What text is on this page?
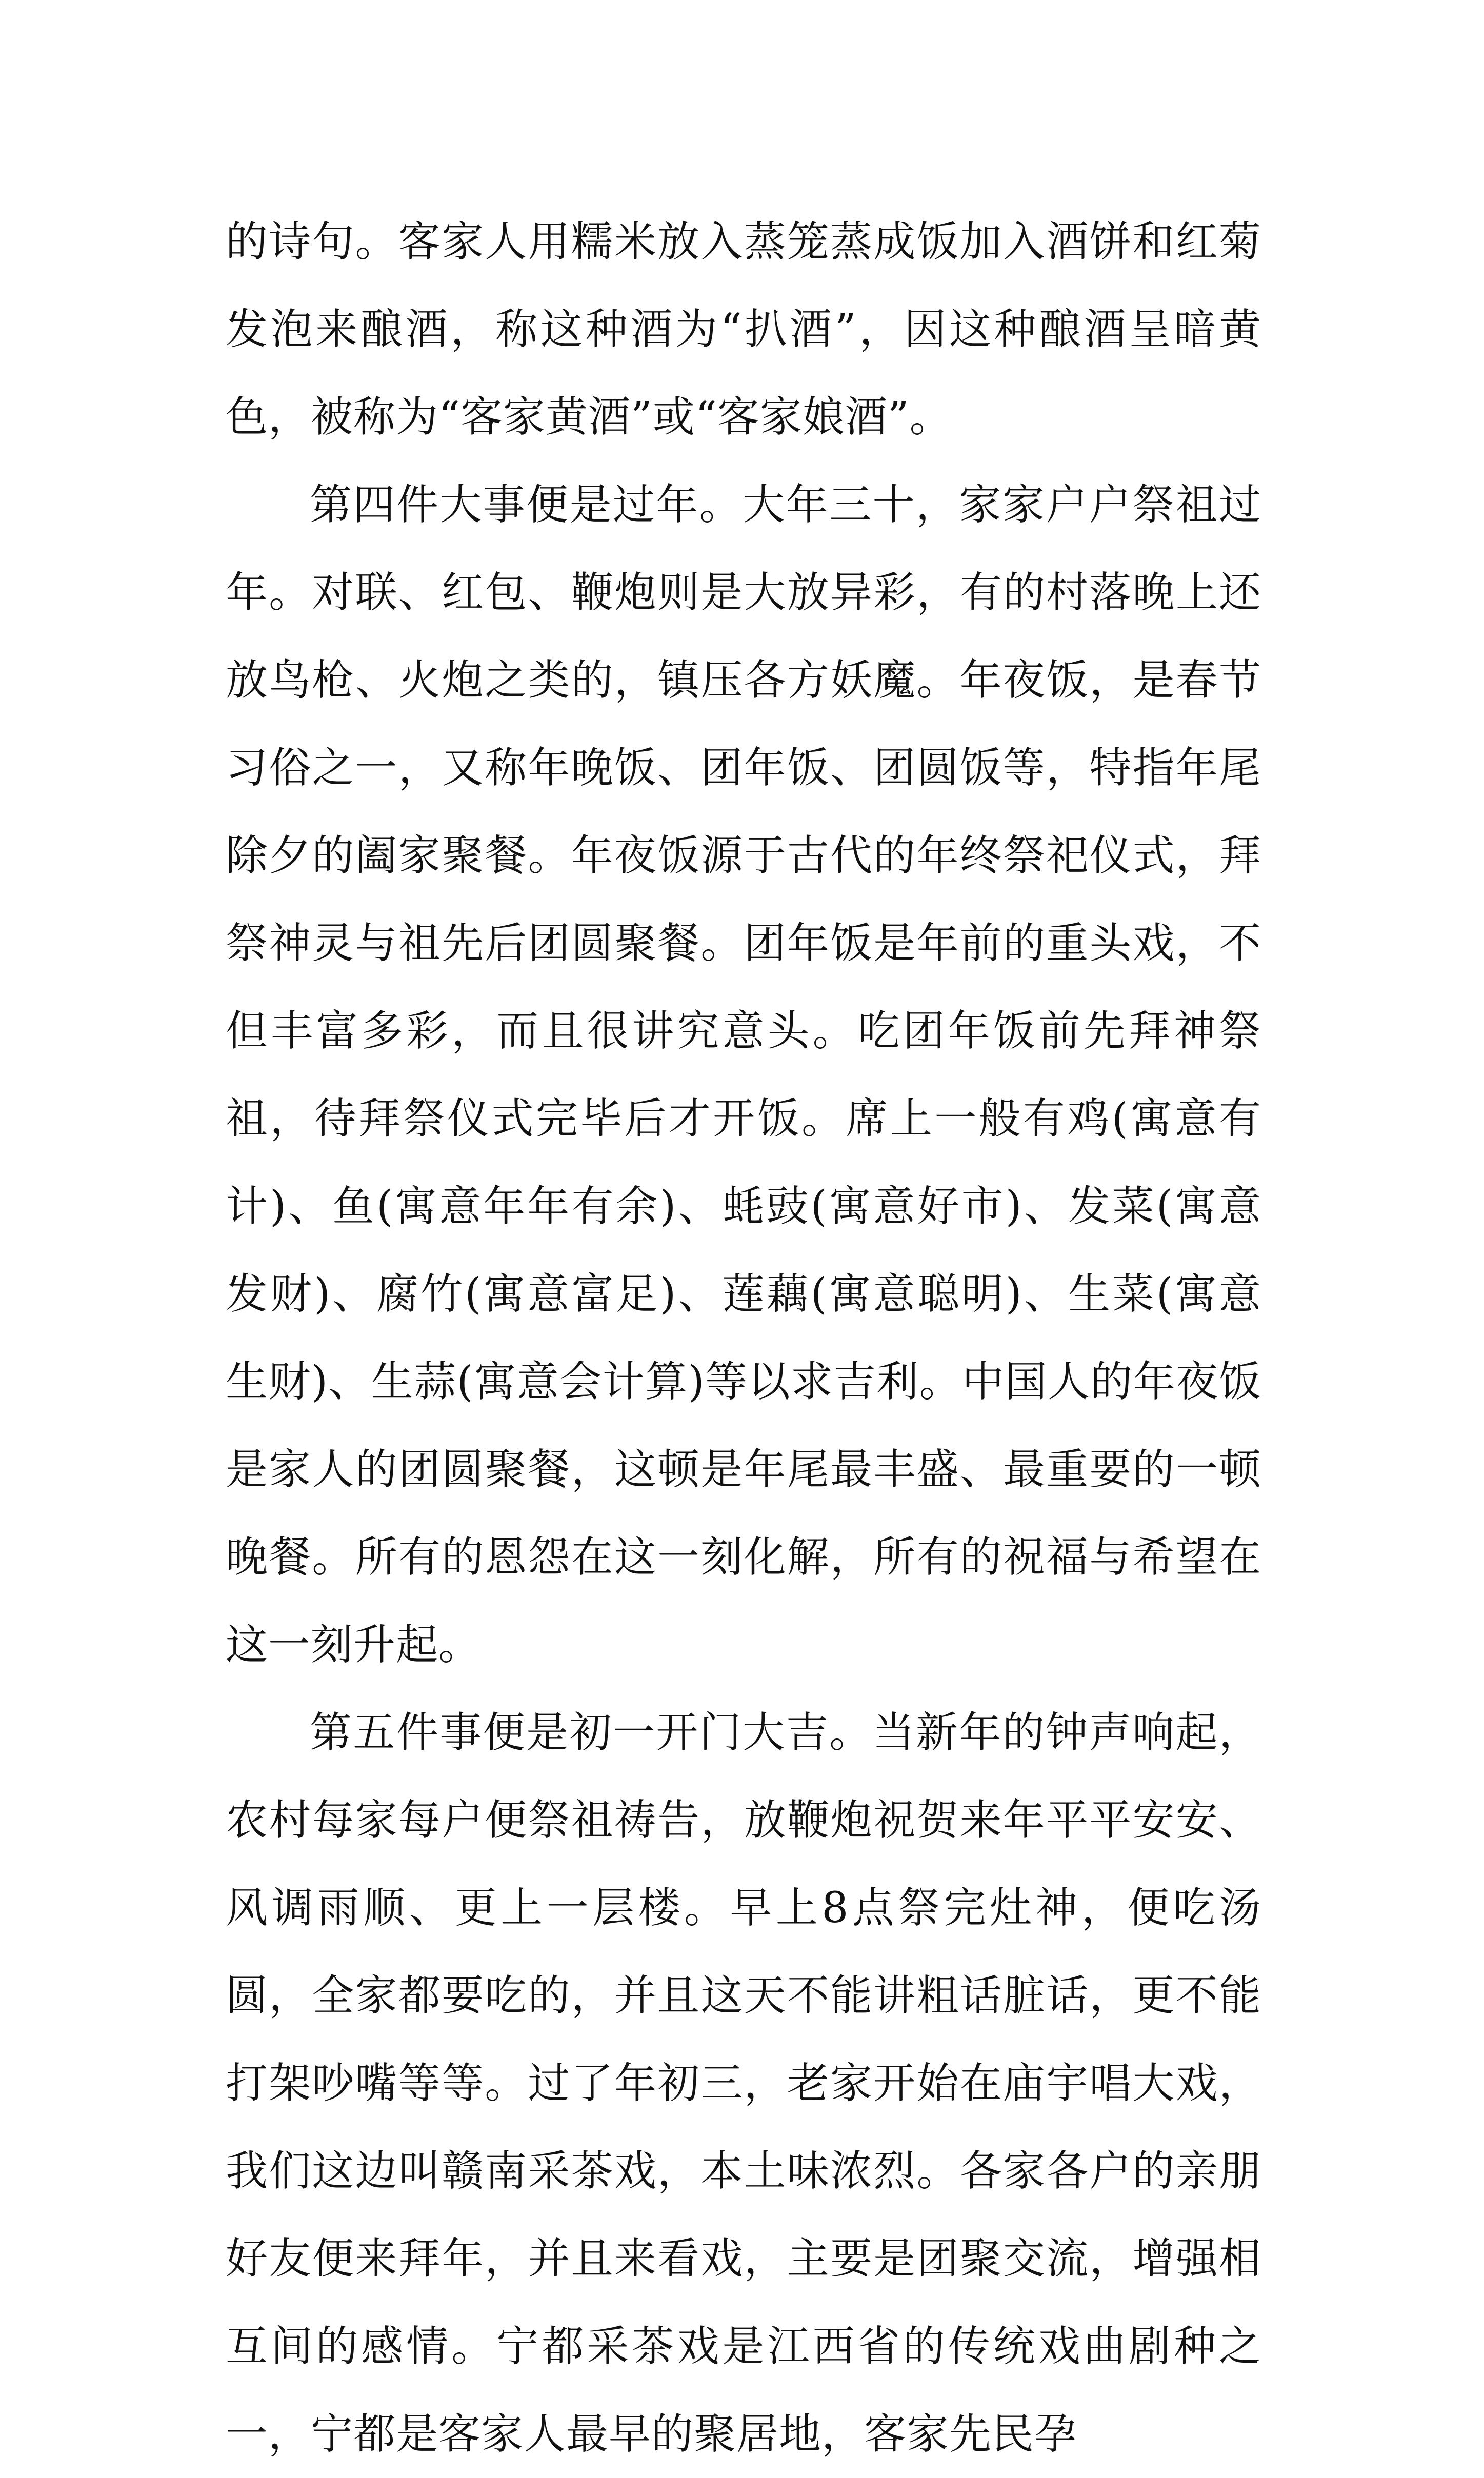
的诗句。客家人用糯米放入蒸笼蒸成饭加入酒饼和红菊发泡来酿酒，称这种酒为“扒酒”，因这种酿酒呈暗黄色，被称为“客家黄酒”或“客家娘酒”。

第四件大事便是过年。大年三十，家家户户祭祖过年。对联、红包、鞭炮则是大放异彩，有的村落晚上还放鸟枪、火炮之类的，镇压各方妖魔。年夜饭，是春节习俗之一，又称年晚饭、团年饭、团圆饭等，特指年尾除夕的阖家聚餐。年夜饭源于古代的年终祭祀仪式，拜祭神灵与祖先后团圆聚餐。团年饭是年前的重头戏，不但丰富多彩，而且很讲究意头。吃团年饭前先拜神祭祖，待拜祭仪式完毕后才开饭。席上一般有鸡(寓意有计)、鱼(寓意年年有余)、蚝豉(寓意好市)、发菜(寓意发财)、腐竹(寓意富足)、莲藕(寓意聪明)、生菜(寓意生财)、生蒜(寓意会计算)等以求吉利。中国人的年夜饭是家人的团圆聚餐，这顿是年尾最丰盛、最重要的一顿晚餐。所有的恩怨在这一刻化解，所有的祝福与希望在这一刻升起。

第五件事便是初一开门大吉。当新年的钟声响起，农村每家每户便祭祖祷告，放鞭炮祝贺来年平平安安、风调雨顺、更上一层楼。早上8点祭完灶神，便吃汤圆，全家都要吃的，并且这天不能讲粗话脏话，更不能打架吵嘴等等。过了年初三，老家开始在庙宇唱大戏，我们这边叫赣南采茶戏，本土味浓烈。各家各户的亲朋好友便来拜年，并且来看戏，主要是团聚交流，增强相互间的感情。宁都采茶戏是江西省的传统戏曲剧种之一，宁都是客家人最早的聚居地，客家先民孕
